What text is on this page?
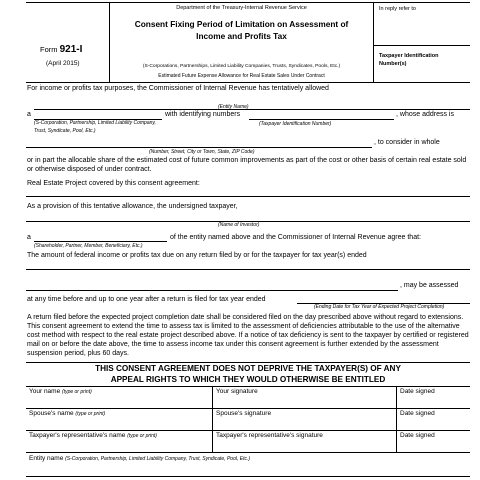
Form 921-I
(April 2015)
Department of the Treasury-Internal Revenue Service
Consent Fixing Period of Limitation on Assessment of
Income and Profits Tax
(S-Corporations, Partnerships, Limited Liability Companies, Trusts, Syndicates, Pools, Etc.)
Estimated Future Expense Allowance for Real Estate Sales Under Contract
In reply refer to
Taxpayer Identification
Number(s)
For income or profits tax purposes, the Commissioner of Internal Revenue has tentatively allowed
(Entity Name)
a	with identifying numbers	, whose address is
(S-Corporation, Partnership, Limited Liability Company,
Trust, Syndicate, Pool, Etc.)
(Taxpayer Identification Number)
, to consider in whole
(Number, Street, City or Town, State, ZIP Code)
or in part the allocable share of the estimated cost of future common improvements as part of the cost or other basis of certain real estate sold or otherwise disposed of under contract.
Real Estate Project covered by this consent agreement:
As a provision of this tentative allowance, the undersigned taxpayer,
(Name of Investor)
a	of the entity named above and the Commissioner of Internal Revenue agree that:
(Shareholder, Partner, Member, Beneficiary, Etc.)
The amount of federal income or profits tax due on any return filed by or for the taxpayer for tax year(s) ended
, may be assessed
at any time before and up to one year after a return is filed for tax year ended
(Ending Date for Tax Year of Expected Project Completion)
A return filed before the expected project completion date shall be considered filed on the day prescribed above without regard to extensions. This consent agreement to extend the time to assess tax is limited to the assessment of deficiencies attributable to the use of the alternative cost method with respect to the real estate project described above. If a notice of tax deficiency is sent to the taxpayer by certified or registered mail on or before the date above, the time to assess income tax under this consent agreement is further extended by the assessment suspension period, plus 60 days.
THIS CONSENT AGREEMENT DOES NOT DEPRIVE THE TAXPAYER(S) OF ANY
APPEAL RIGHTS TO WHICH THEY WOULD OTHERWISE BE ENTITLED
Your name (type or print)	Your signature	Date signed
Spouse's name (type or print)	Spouse's signature	Date signed
Taxpayer's representative's name (type or print)	Taxpayer's representative's signature	Date signed
Entity name (S-Corporation, Partnership, Limited Liability Company, Trust, Syndicate, Pool, Etc.)
